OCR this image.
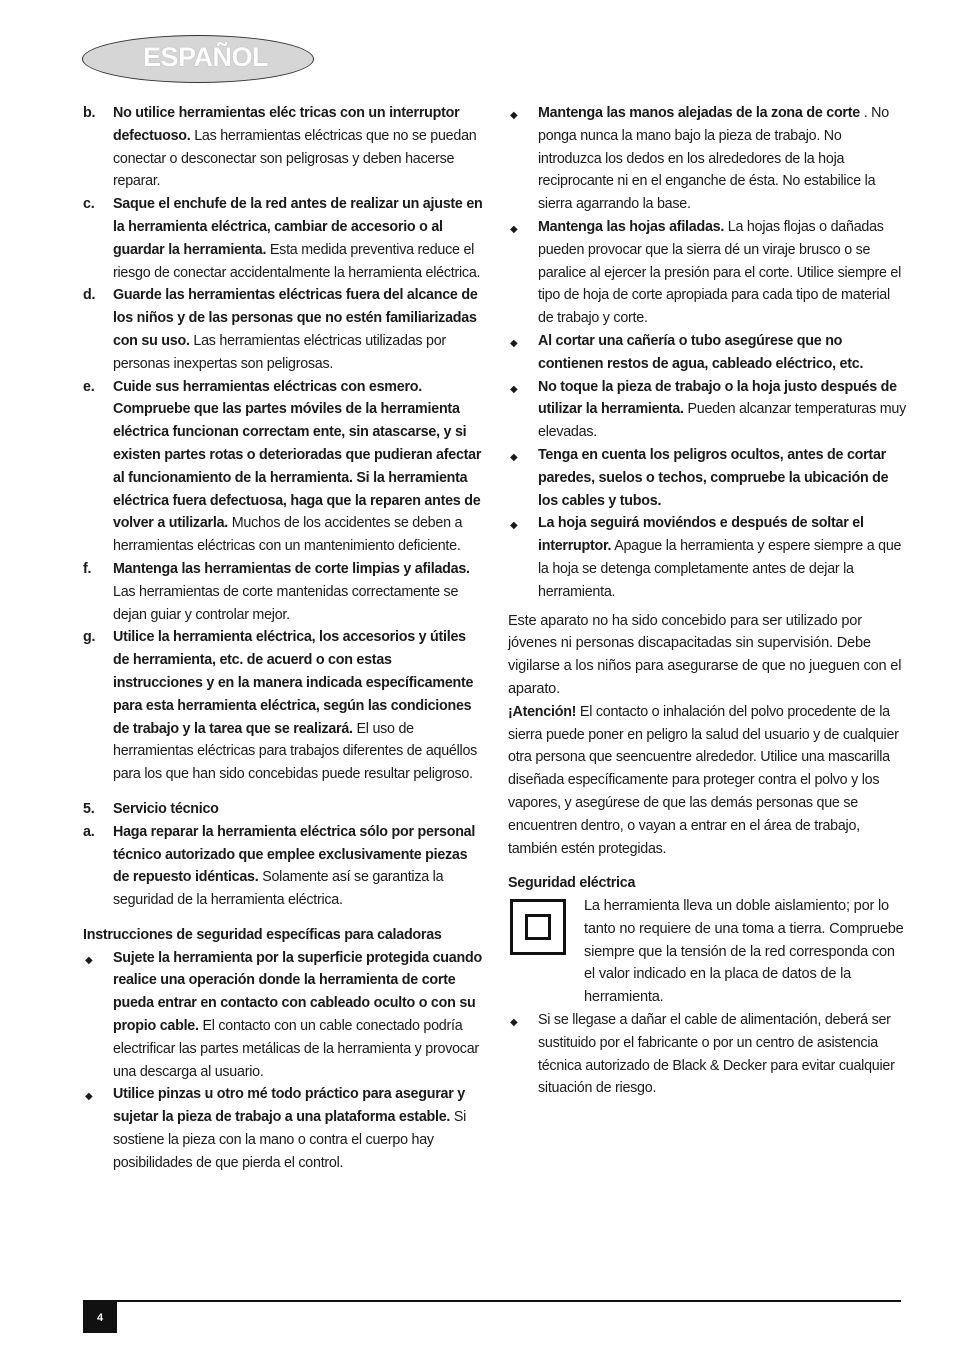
ESPAÑOL
b. No utilice herramientas eléc tricas con un interruptor defectuoso. Las herramientas eléctricas que no se puedan conectar o desconectar son peligrosas y deben hacerse reparar.
c. Saque el enchufe de la red antes de realizar un ajuste en la herramienta eléctrica, cambiar de accesorio o al guardar la herramienta. Esta medida preventiva reduce el riesgo de conectar accidentalmente la herramienta eléctrica.
d. Guarde las herramientas eléctricas fuera del alcance de los niños y de las personas que no estén familiarizadas con su uso. Las herramientas eléctricas utilizadas por personas inexpertas son peligrosas.
e. Cuide sus herramientas eléctricas con esmero. Compruebe que las partes móviles de la herramienta eléctrica funcionan correctam ente, sin atascarse, y si existen partes rotas o deterioradas que pudieran afectar al funcionamiento de la herramienta. Si la herramienta eléctrica fuera defectuosa, haga que la reparen antes de volver a utilizarla. Muchos de los accidentes se deben a herramientas eléctricas con un mantenimiento deficiente.
f. Mantenga las herramientas de corte limpias y afiladas. Las herramientas de corte mantenidas correctamente se dejan guiar y controlar mejor.
g. Utilice la herramienta eléctrica, los accesorios y útiles de herramienta, etc. de acuerd o con estas instrucciones y en la manera indicada específicamente para esta herramienta eléctrica, según las condiciones de trabajo y la tarea que se realizará. El uso de herramientas eléctricas para trabajos diferentes de aquéllos para los que han sido concebidas puede resultar peligroso.
5. Servicio técnico
a. Haga reparar la herramienta eléctrica sólo por personal técnico autorizado que emplee exclusivamente piezas de repuesto idénticas. Solamente así se garantiza la seguridad de la herramienta eléctrica.
Instrucciones de seguridad específicas para caladoras
◆ Sujete la herramienta por la superficie protegida cuando realice una operación donde la herramienta de corte pueda entrar en contacto con cableado oculto o con su propio cable. El contacto con un cable conectado podría electrificar las partes metálicas de la herramienta y provocar una descarga al usuario.
◆ Utilice pinzas u otro mé todo práctico para asegurar y sujetar la pieza de trabajo a una plataforma estable. Si sostiene la pieza con la mano o contra el cuerpo hay posibilidades de que pierda el control.
◆ Mantenga las manos alejadas de la zona de corte . No ponga nunca la mano bajo la pieza de trabajo. No introduzca los dedos en los alrededores de la hoja reciprocante ni en el enganche de ésta. No estabilice la sierra agarrando la base.
◆ Mantenga las hojas afiladas. La hojas flojas o dañadas pueden provocar que la sierra dé un viraje brusco o se paralice al ejercer la presión para el corte. Utilice siempre el tipo de hoja de corte apropiada para cada tipo de material de trabajo y corte.
◆ Al cortar una cañería o tubo asegúrese que no contienen restos de agua, cableado eléctrico, etc.
◆ No toque la pieza de trabajo o la hoja justo después de utilizar la herramienta. Pueden alcanzar temperaturas muy elevadas.
◆ Tenga en cuenta los peligros ocultos, antes de cortar paredes, suelos o techos, compruebe la ubicación de los cables y tubos.
◆ La hoja seguirá moviéndos e después de soltar el interruptor. Apague la herramienta y espere siempre a que la hoja se detenga completamente antes de dejar la herramienta.
Este aparato no ha sido concebido para ser utilizado por jóvenes ni personas discapacitadas sin supervisión. Debe vigilarse a los niños para asegurarse de que no jueguen con el aparato.
¡Atención! El contacto o inhalación del polvo procedente de la sierra puede poner en peligro la salud del usuario y de cualquier otra persona que seencuentre alrededor. Utilice una mascarilla diseñada específicamente para proteger contra el polvo y los vapores, y asegúrese de que las demás personas que se encuentren dentro, o vayan a entrar en el área de trabajo, también estén protegidas.
Seguridad eléctrica
La herramienta lleva un doble aislamiento; por lo tanto no requiere de una toma a tierra. Compruebe siempre que la tensión de la red corresponda con el valor indicado en la placa de datos de la herramienta.
◆ Si se llegase a dañar el cable de alimentación, deberá ser sustituido por el fabricante o por un centro de asistencia técnica autorizado de Black & Decker para evitar cualquier situación de riesgo.
4
